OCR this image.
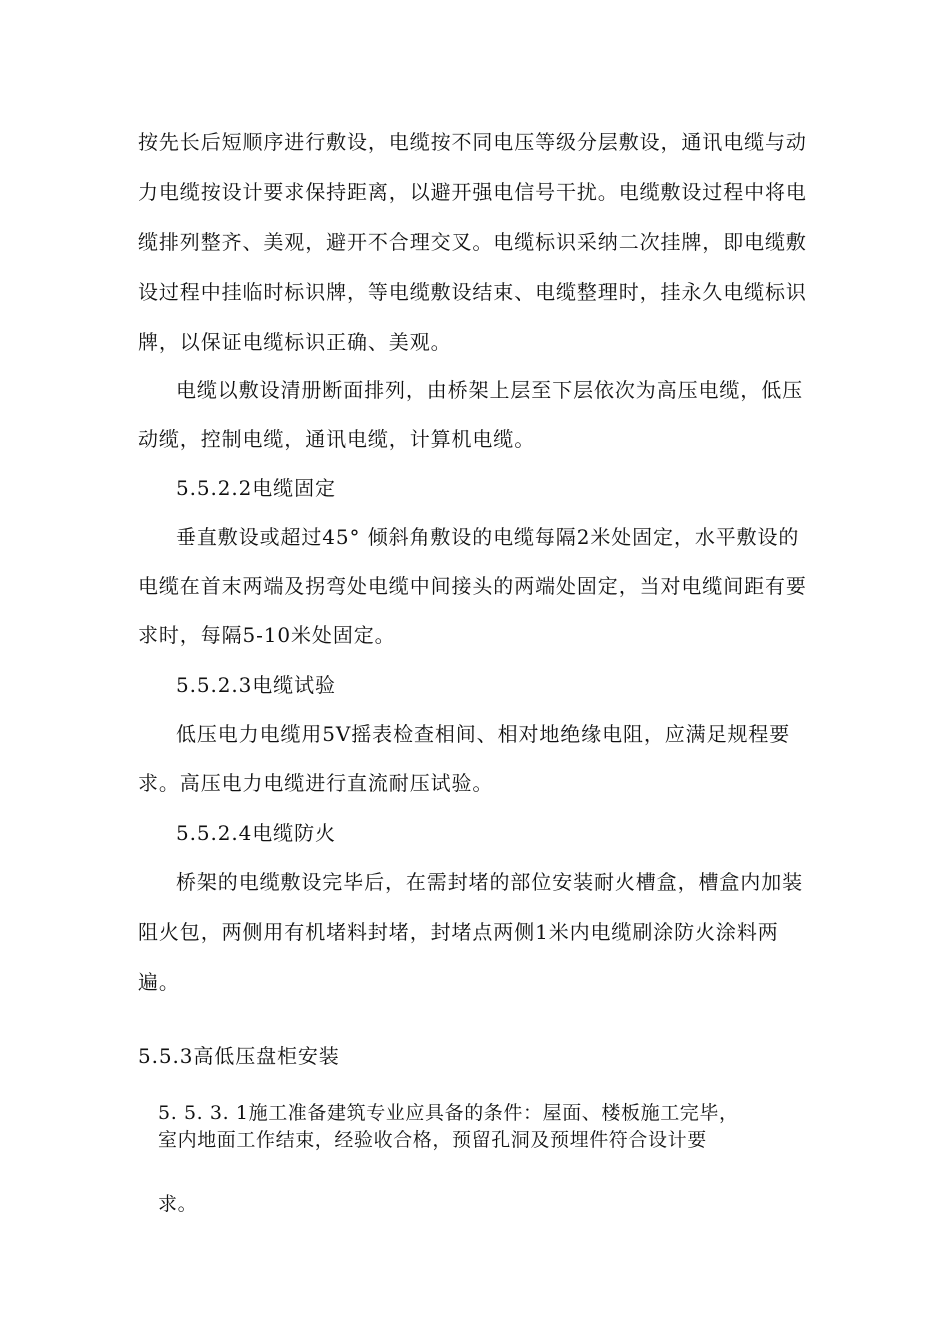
按先长后短顺序进行敷设，电缆按不同电压等级分层敷设，通讯电缆与动
力电缆按设计要求保持距离，以避开强电信号干扰。电缆敷设过程中将电
缆排列整齐、美观，避开不合理交叉。电缆标识采纳二次挂牌，即电缆敷
设过程中挂临时标识牌，等电缆敷设结束、电缆整理时，挂永久电缆标识
牌，以保证电缆标识正确、美观。
电缆以敷设清册断面排列，由桥架上层至下层依次为高压电缆，低压
动缆，控制电缆，通讯电缆，计算机电缆。
5.5.2.2电缆固定
垂直敷设或超过45° 倾斜角敷设的电缆每隔2米处固定，水平敷设的
电缆在首末两端及拐弯处电缆中间接头的两端处固定，当对电缆间距有要
求时，每隔5-10米处固定。
5.5.2.3电缆试验
低压电力电缆用5V摇表检查相间、相对地绝缘电阻，应满足规程要
求。高压电力电缆进行直流耐压试验。
5.5.2.4电缆防火
桥架的电缆敷设完毕后，在需封堵的部位安装耐火槽盒，槽盒内加装
阻火包，两侧用有机堵料封堵，封堵点两侧1米内电缆刷涂防火涂料两
遍。
5.5.3高低压盘柜安装
5. 5. 3. 1施工准备建筑专业应具备的条件：屋面、楼板施工完毕，
室内地面工作结束，经验收合格，预留孔洞及预埋件符合设计要
求。
